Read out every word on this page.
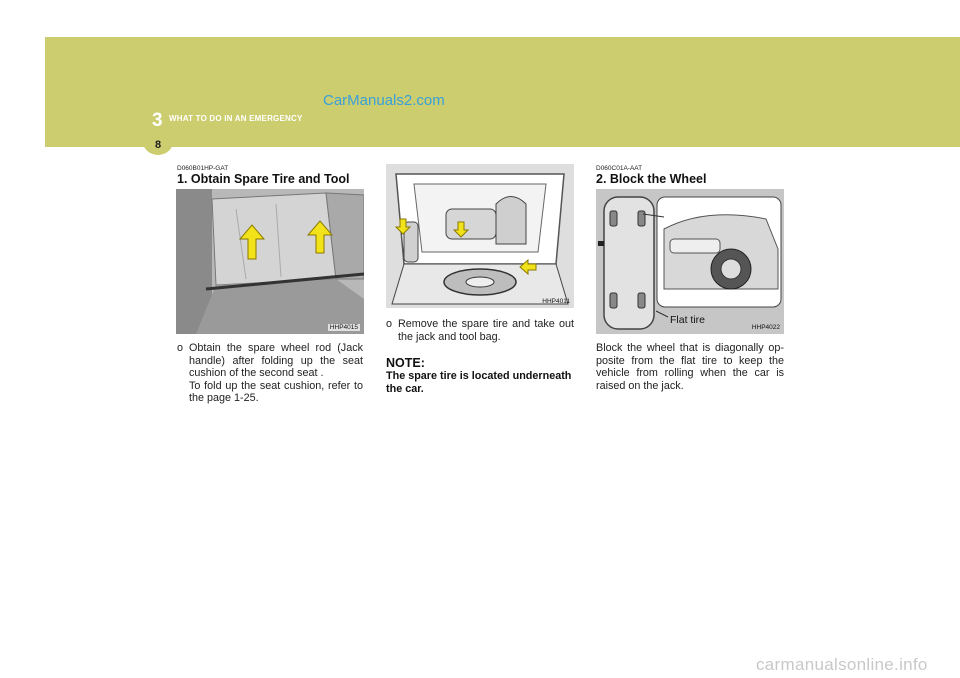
3 WHAT TO DO IN AN EMERGENCY
8
CarManuals2.com
D060B01HP-GAT
1. Obtain Spare Tire and Tool
HHP4015
o Obtain the spare wheel rod (Jack handle) after folding up the seat cushion of the second seat .
To fold up the seat cushion, refer to the page 1-25.
HHP4011
o Remove the spare tire and take out the jack and tool bag.
NOTE:
The spare tire is located underneath the car.
D060C01A-AAT
2. Block the Wheel
Flat tire
HHP4022
Block the wheel that is diagonally op-posite from the flat tire to keep the vehicle from rolling when the car is raised on the jack.
carmanualsonline.info
